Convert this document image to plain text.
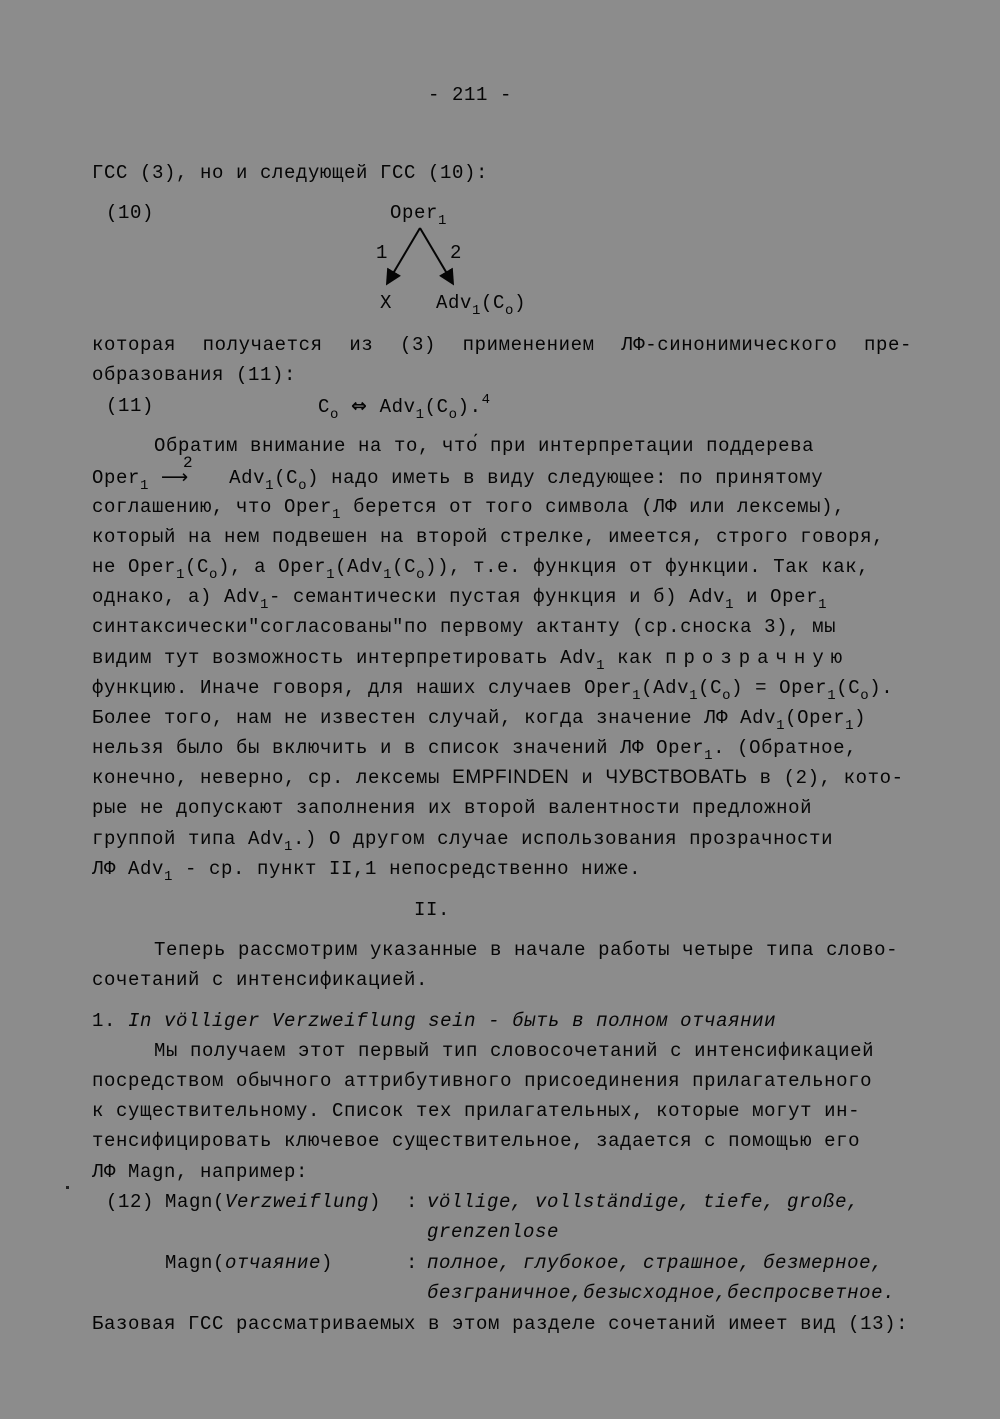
- 211 -
ГСС (3), но и следующей ГСС (10):
(10)	Oper$_1$
1	2
X $Adv_1(C_o)$
которая получается из (3) применением ЛФ-синонимического пре-
образования (11):
(11)	$C_o$ ⇔ $Adv_1(C_o).^4$
Обратим внимание на то, что́ при интерпретации поддерева
Oper$_1$
2
⟶ $Adv_1(C_o)$ надо иметь в виду следующее: по принятому
соглашению, что Oper$_1$ берется от того символа (ЛФ или лексемы),
который на нем подвешен на второй стрелке, имеется, строго говоря,
не $Oper_1(C_o)$, а $Oper_1(Adv_1(C_o))$, т.е. функция от функции. Так как,
однако, а) Adv$_1$- семантически пустая функция и б) Adv$_1$ и Oper$_1$
синтаксически"согласованы"по первому актанту (ср.сноска 3), мы
видим тут возможность интерпретировать Adv$_1$ как прозрачную
функцию. Иначе говоря, для наших случаев $Oper_1(Adv_1(C_o)$ = $Oper_1(C_o)$.
Более того, нам не известен случай, когда значение ЛФ Adv$_1$(Oper$_1$)
нельзя было бы включить и в список значений ЛФ Oper$_1$. (Обратное,
конечно, неверно, ср. лексемы EMPFINDEN и ЧУВСТВОВАТЬ в (2), кото-
рые не допускают заполнения их второй валентности предложной
группой типа Adv$_1$.) О другом случае использования прозрачности
ЛФ Adv$_1$ - ср. пункт II,1 непосредственно ниже.
II.
Теперь рассмотрим указанные в начале работы четыре типа слово-
сочетаний с интенсификацией.
1. In völliger Verzweiflung sein - быть в полном отчаянии
Мы получаем этот первый тип словосочетаний с интенсификацией
посредством обычного аттрибутивного присоединения прилагательного
к существительному. Список тех прилагательных, которые могут ин-
тенсифицировать ключевое существительное, задается с помощью его
ЛФ Magn, например:
(12) Magn(Verzweiflung) : völlige, vollständige, tiefe, große,
grenzenlose
Magn(отчаяние)	: полное, глубокое, страшное, безмерное,
безграничное,безысходное,беспросветное.
Базовая ГСС рассматриваемых в этом разделе сочетаний имеет вид (13):
